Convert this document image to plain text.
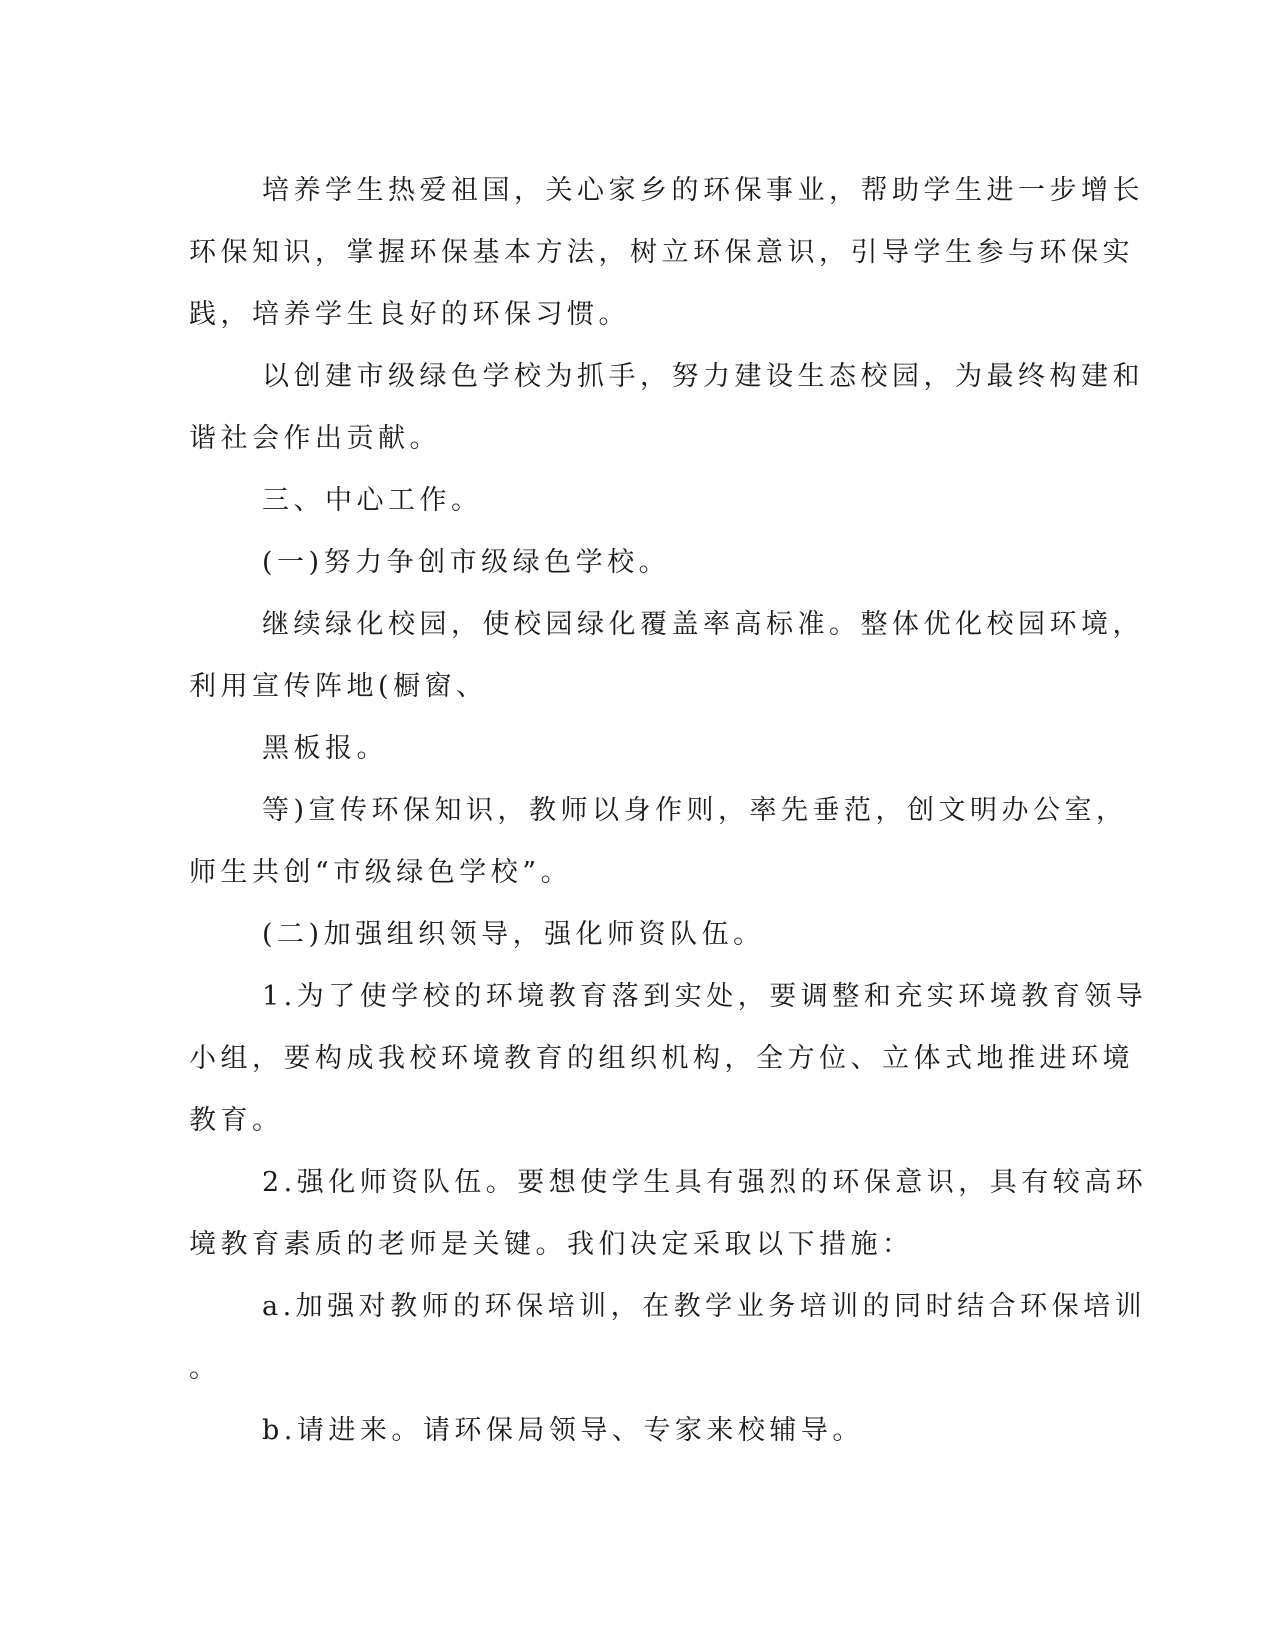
培养学生热爱祖国，关心家乡的环保事业，帮助学生进一步增长
环保知识，掌握环保基本方法，树立环保意识，引导学生参与环保实
践，培养学生良好的环保习惯。

以创建市级绿色学校为抓手，努力建设生态校园，为最终构建和
谐社会作出贡献。

三、中心工作。

(一)努力争创市级绿色学校。

继续绿化校园，使校园绿化覆盖率高标准。整体优化校园环境，
利用宣传阵地(橱窗、

黑板报。

等)宣传环保知识，教师以身作则，率先垂范，创文明办公室，
师生共创“市级绿色学校”。

(二)加强组织领导，强化师资队伍。

1.为了使学校的环境教育落到实处，要调整和充实环境教育领导
小组，要构成我校环境教育的组织机构，全方位、立体式地推进环境
教育。

2.强化师资队伍。要想使学生具有强烈的环保意识，具有较高环
境教育素质的老师是关键。我们决定采取以下措施：

a.加强对教师的环保培训，在教学业务培训的同时结合环保培训
。

b.请进来。请环保局领导、专家来校辅导。
